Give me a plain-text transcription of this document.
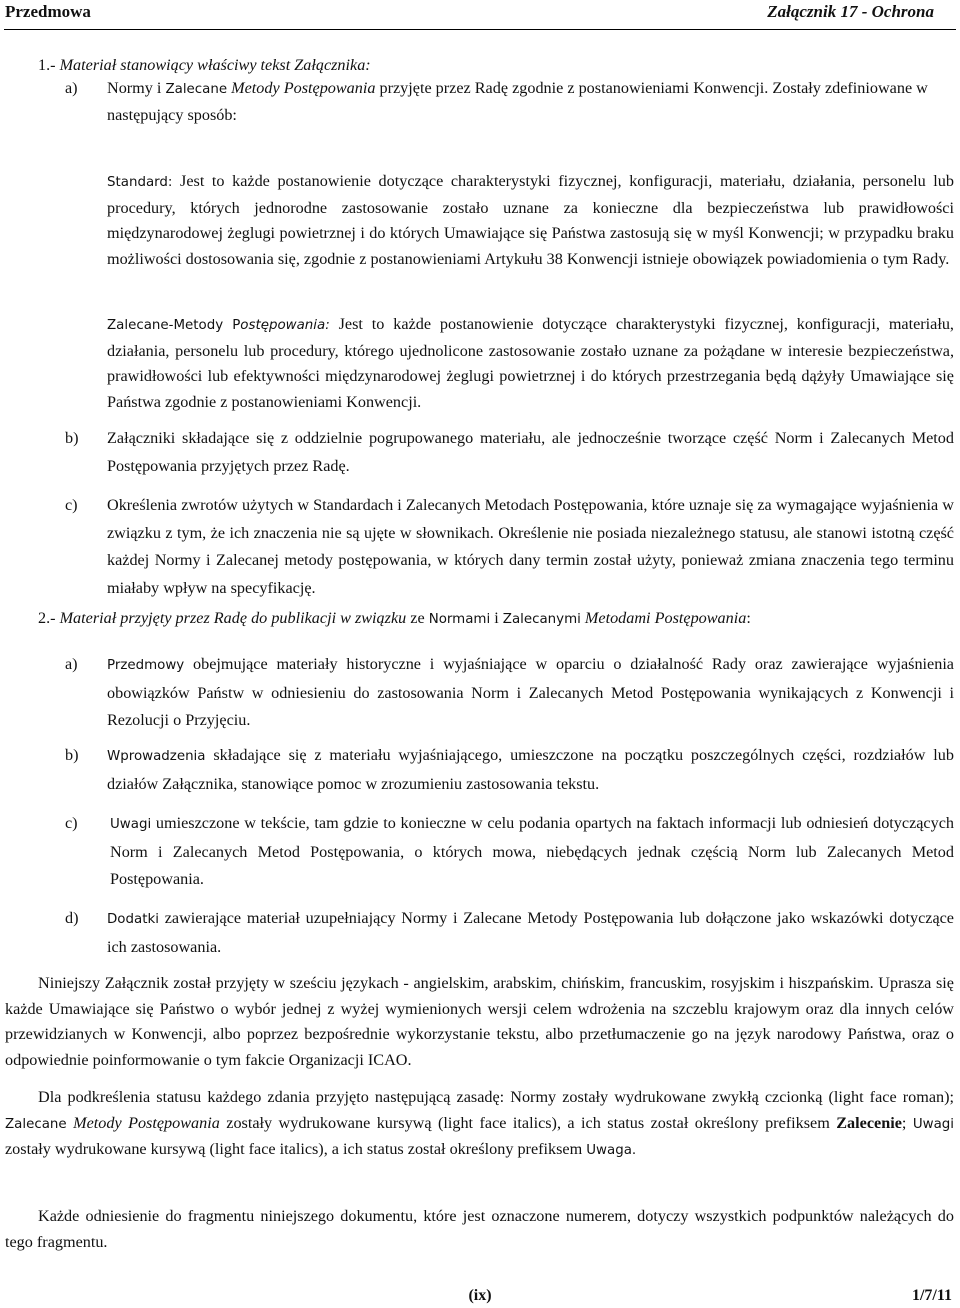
Przedmowa	Załącznik 17 - Ochrona
1.- Materiał stanowiący właściwy tekst Załącznika:
a)	Normy i Zalecane Metody Postępowania przyjęte przez Radę zgodnie z postanowieniami Konwencji. Zostały zdefiniowane w następujący sposób:
Standard: Jest to każde postanowienie dotyczące charakterystyki fizycznej, konfiguracji, materiału, działania, personelu lub procedury, których jednorodne zastosowanie zostało uznane za konieczne dla bezpieczeństwa lub prawidłowości międzynarodowej żeglugi powietrznej i do których Umawiające się Państwa zastosują się w myśl Konwencji; w przypadku braku możliwości dostosowania się, zgodnie z postanowieniami Artykułu 38 Konwencji istnieje obowiązek powiadomienia o tym Rady.
Zalecane-Metody Postępowania: Jest to każde postanowienie dotyczące charakterystyki fizycznej, konfiguracji, materiału, działania, personelu lub procedury, którego ujednolicone zastosowanie zostało uznane za pożądane w interesie bezpieczeństwa, prawidłowości lub efektywności międzynarodowej żeglugi powietrznej i do których przestrzegania będą dążyły Umawiające się Państwa zgodnie z postanowieniami Konwencji.
b)	Załączniki składające się z oddzielnie pogrupowanego materiału, ale jednocześnie tworzące część Norm i Zalecanych Metod Postępowania przyjętych przez Radę.
c)	Określenia zwrotów użytych w Standardach i Zalecanych Metodach Postępowania, które uznaje się za wymagające wyjaśnienia w związku z tym, że ich znaczenia nie są ujęte w słownikach. Określenie nie posiada niezależnego statusu, ale stanowi istotną część każdej Normy i Zalecanej metody postępowania, w których dany termin został użyty, ponieważ zmiana znaczenia tego terminu miałaby wpływ na specyfikację.
2.- Materiał przyjęty przez Radę do publikacji w związku ze Normami i Zalecanymi Metodami Postępowania:
a)	Przedmowy obejmujące materiały historyczne i wyjaśniające w oparciu o działalność Rady oraz zawierające wyjaśnienia obowiązków Państw w odniesieniu do zastosowania Norm i Zalecanych Metod Postępowania wynikających z Konwencji i Rezolucji o Przyjęciu.
b)	Wprowadzenia składające się z materiału wyjaśniającego, umieszczone na początku poszczególnych części, rozdziałów lub działów Załącznika, stanowiące pomoc w zrozumieniu zastosowania tekstu.
c)	Uwagi umieszczone w tekście, tam gdzie to konieczne w celu podania opartych na faktach informacji lub odniesień dotyczących Norm i Zalecanych Metod Postępowania, o których mowa, niebędących jednak częścią Norm lub Zalecanych Metod Postępowania.
d)	Dodatki zawierające materiał uzupełniający Normy i Zalecane Metody Postępowania lub dołączone jako wskazówki dotyczące ich zastosowania.
Niniejszy Załącznik został przyjęty w sześciu językach - angielskim, arabskim, chińskim, francuskim, rosyjskim i hiszpańskim. Uprasza się każde Umawiające się Państwo o wybór jednej z wyżej wymienionych wersji celem wdrożenia na szczeblu krajowym oraz dla innych celów przewidzianych w Konwencji, albo poprzez bezpośrednie wykorzystanie tekstu, albo przetłumaczenie go na język narodowy Państwa, oraz o odpowiednie poinformowanie o tym fakcie Organizacji ICAO.
Dla podkreślenia statusu każdego zdania przyjęto następującą zasadę: Normy zostały wydrukowane zwykłą czcionką (light face roman); Zalecane Metody Postępowania zostały wydrukowane kursywą (light face italics), a ich status został określony prefiksem Zalecenie; Uwagi zostały wydrukowane kursywą (light face italics), a ich status został określony prefiksem Uwaga.
Każde odniesienie do fragmentu niniejszego dokumentu, które jest oznaczone numerem, dotyczy wszystkich podpunktów należących do tego fragmentu.
(ix)	1/7/11
